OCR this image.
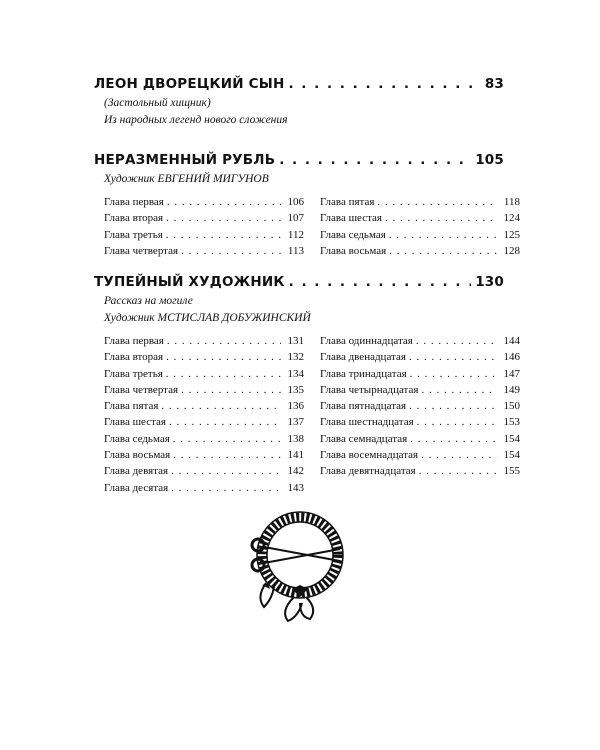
ЛЕОН ДВОРЕЦКИЙ СЫН . . .	83
(Застольный хищник)
Из народных легенд нового сложения
НЕРАЗМЕННЫЙ РУБЛЬ . . .	105
Художник ЕВГЕНИЙ МИГУНОВ
Глава первая . . .	106
Глава вторая . . .	107
Глава третья . . .	112
Глава четвертая . . .	113
Глава пятая . . .	118
Глава шестая . . .	124
Глава седьмая . . .	125
Глава восьмая . . .	128
ТУПЕЙНЫЙ ХУДОЖНИК . . .	130
Рассказ на могиле
Художник МСТИСЛАВ ДОБУЖИНСКИЙ
Глава первая . . .	131
Глава вторая . . .	132
Глава третья . . .	134
Глава четвертая . . .	135
Глава пятая . . .	136
Глава шестая . . .	137
Глава седьмая . . .	138
Глава восьмая . . .	141
Глава девятая . . .	142
Глава десятая . . .	143
Глава одиннадцатая . . .	144
Глава двенадцатая . . .	146
Глава тринадцатая . . .	147
Глава четырнадцатая . . .	149
Глава пятнадцатая . . .	150
Глава шестнадцатая . . .	153
Глава семнадцатая . . .	154
Глава восемнадцатая . . .	154
Глава девятнадцатая . . .	155
